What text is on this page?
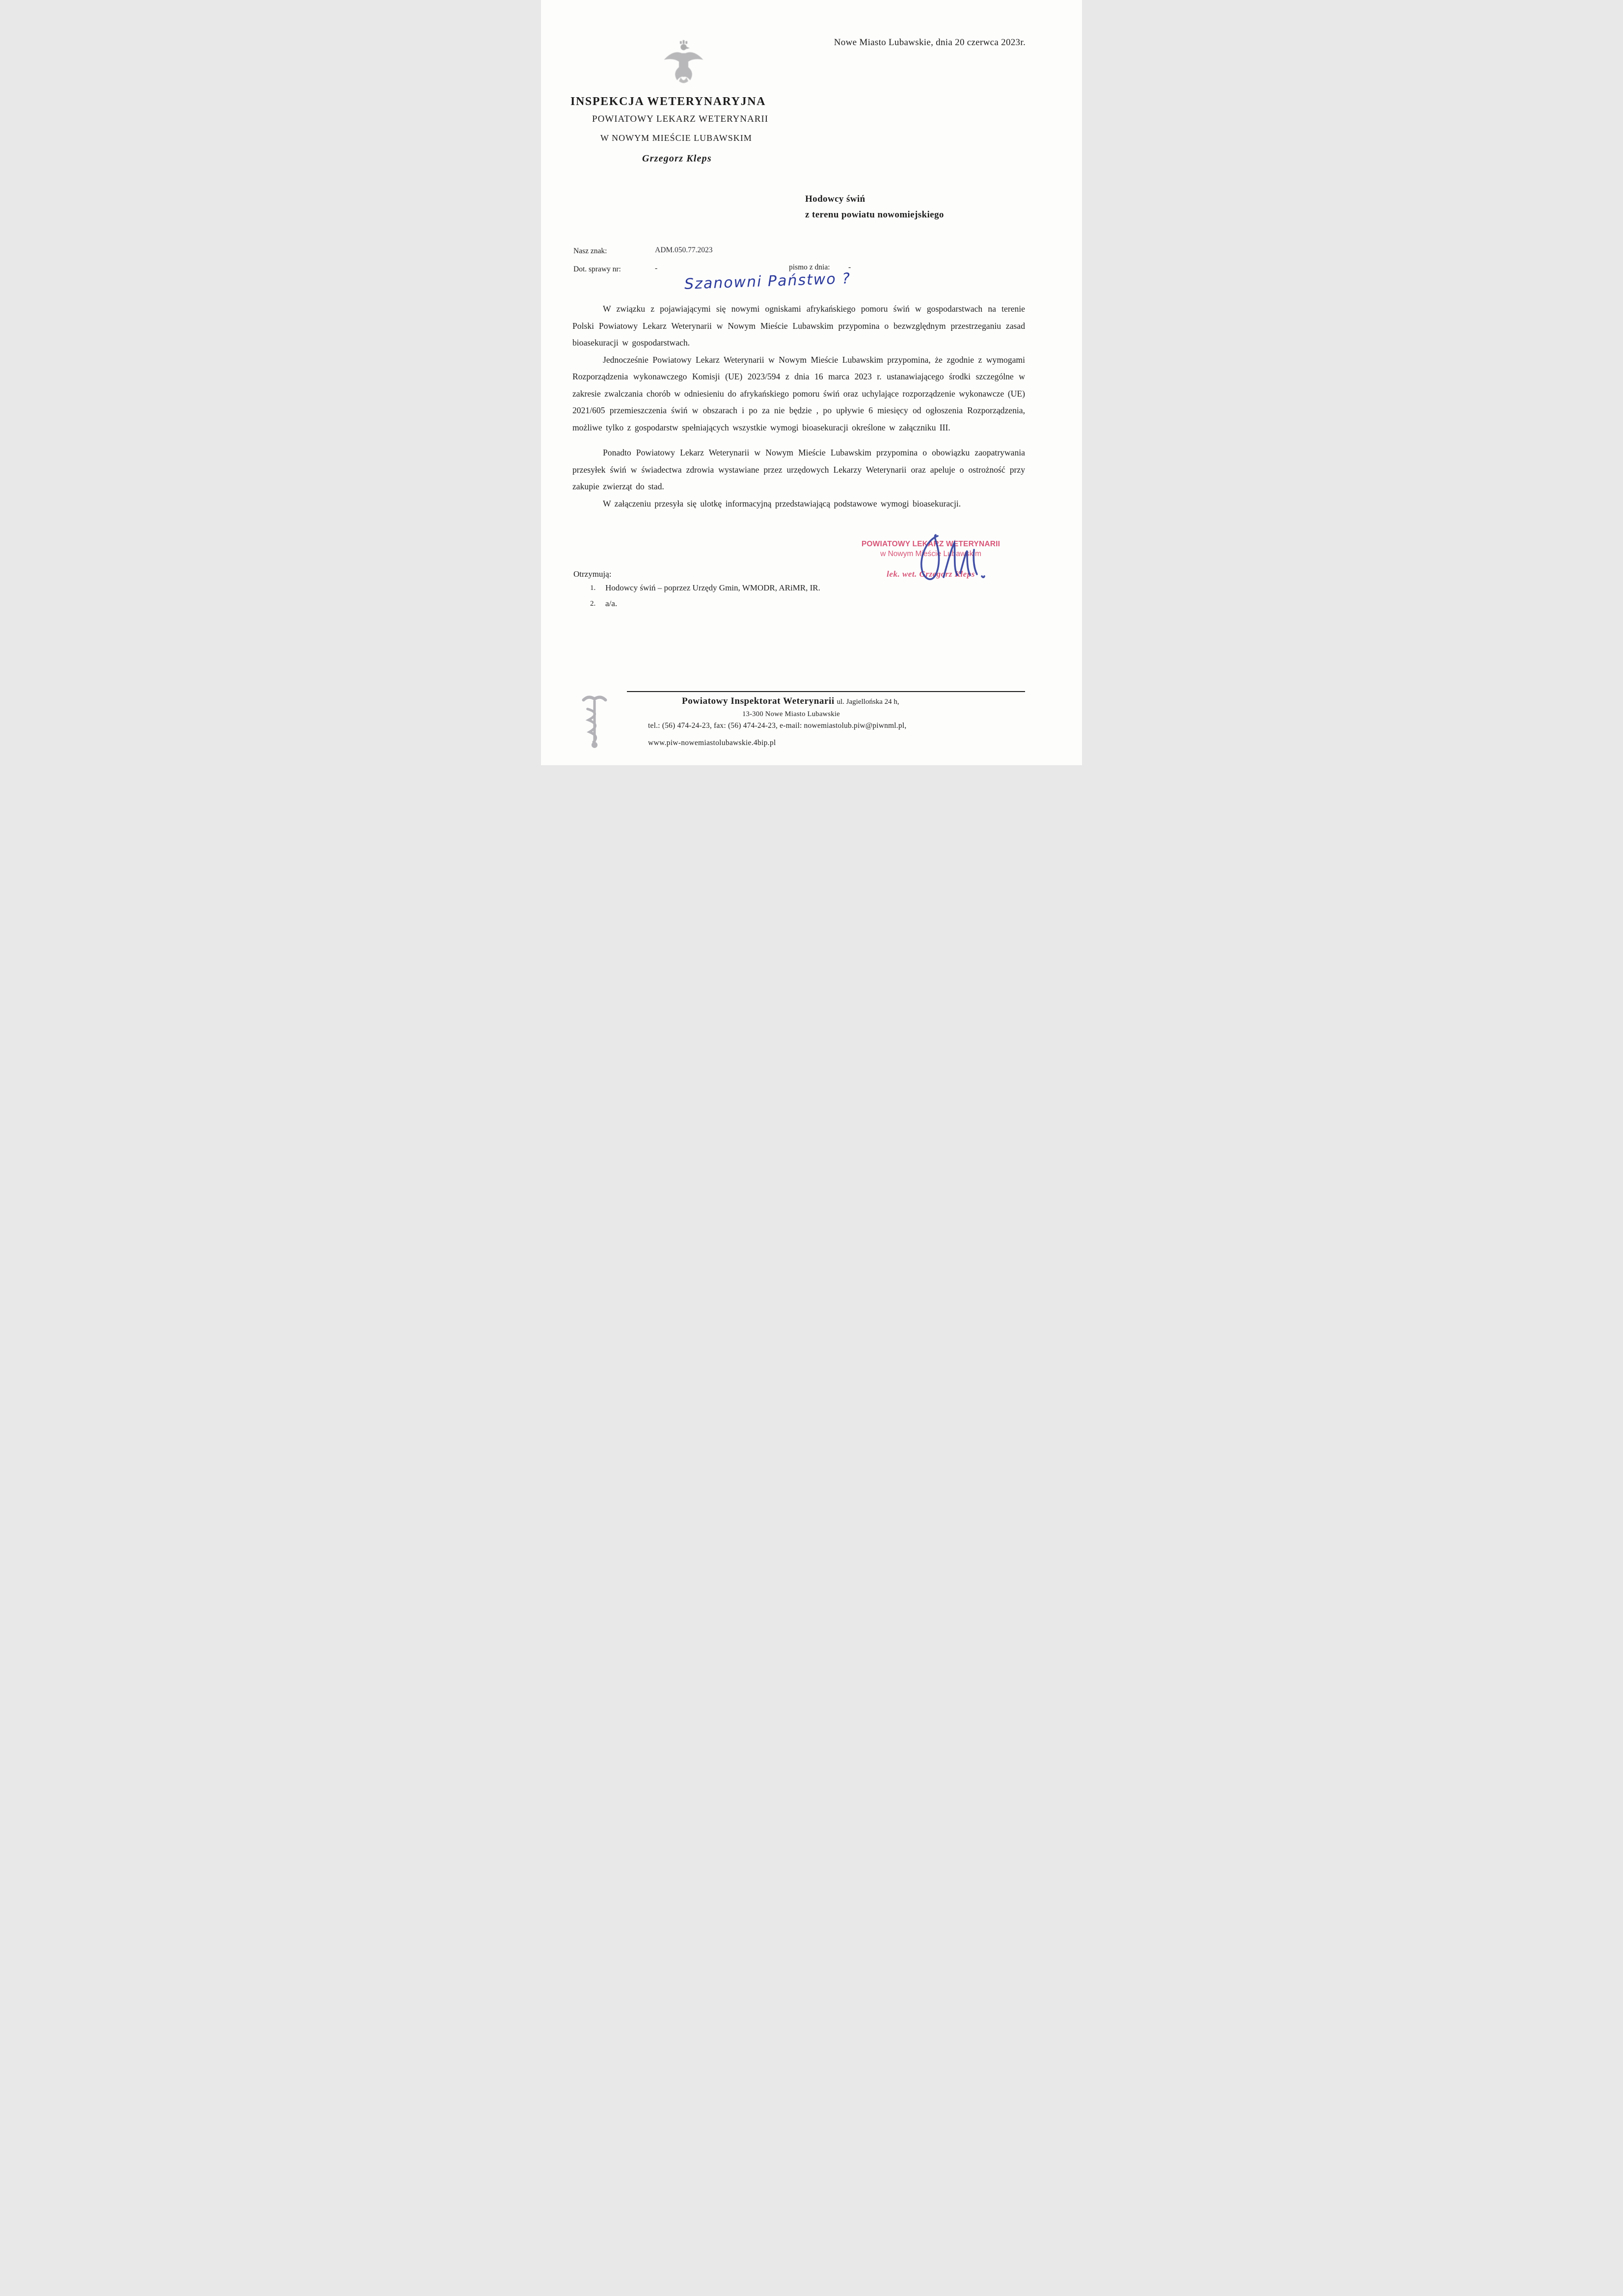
Nowe Miasto Lubawskie, dnia 20 czerwca 2023r.
INSPEKCJA WETERYNARYJNA
POWIATOWY LEKARZ WETERYNARII
W NOWYM MIEŚCIE LUBAWSKIM
Grzegorz Kleps
Hodowcy świń
z terenu powiatu nowomiejskiego
Nasz znak:	ADM.050.77.2023
Dot. sprawy nr:	-	pismo z dnia: -
Szanowni Państwo ?

W związku z pojawiającymi się nowymi ogniskami afrykańskiego pomoru świń w gospodarstwach na terenie Polski Powiatowy Lekarz Weterynarii w Nowym Mieście Lubawskim przypomina o bezwzględnym przestrzeganiu zasad bioasekuracji w gospodarstwach.

Jednocześnie Powiatowy Lekarz Weterynarii w Nowym Mieście Lubawskim przypomina, że zgodnie z wymogami Rozporządzenia wykonawczego Komisji (UE) 2023/594 z dnia 16 marca 2023 r. ustanawiającego środki szczególne w zakresie zwalczania chorób w odniesieniu do afrykańskiego pomoru świń oraz uchylające rozporządzenie wykonawcze (UE) 2021/605 przemieszczenia świń w obszarach i po za nie będzie , po upływie 6 miesięcy od ogłoszenia Rozporządzenia, możliwe tylko z gospodarstw spełniających wszystkie wymogi bioasekuracji określone w załączniku III.

Ponadto Powiatowy Lekarz Weterynarii w Nowym Mieście Lubawskim przypomina o obowiązku zaopatrywania przesyłek świń w świadectwa zdrowia wystawiane przez urzędowych Lekarzy Weterynarii oraz apeluje o ostrożność przy zakupie zwierząt do stad.

W załączeniu przesyła się ulotkę informacyjną przedstawiającą podstawowe wymogi bioasekuracji.

POWIATOWY LEKARZ WETERYNARII
w Nowym Mieście Lubawskim
lek. wet. Grzegorz Kleps
Otrzymują:
1. Hodowcy świń – poprzez Urzędy Gmin, WMODR, ARiMR, IR.
2. a/a.
Powiatowy Inspektorat Weterynarii ul. Jagiellońska 24 h,
13-300 Nowe Miasto Lubawskie
tel.: (56) 474-24-23, fax: (56) 474-24-23, e-mail: nowemiastolub.piw@piwnml.pl,
www.piw-nowemiastolubawskie.4bip.pl
